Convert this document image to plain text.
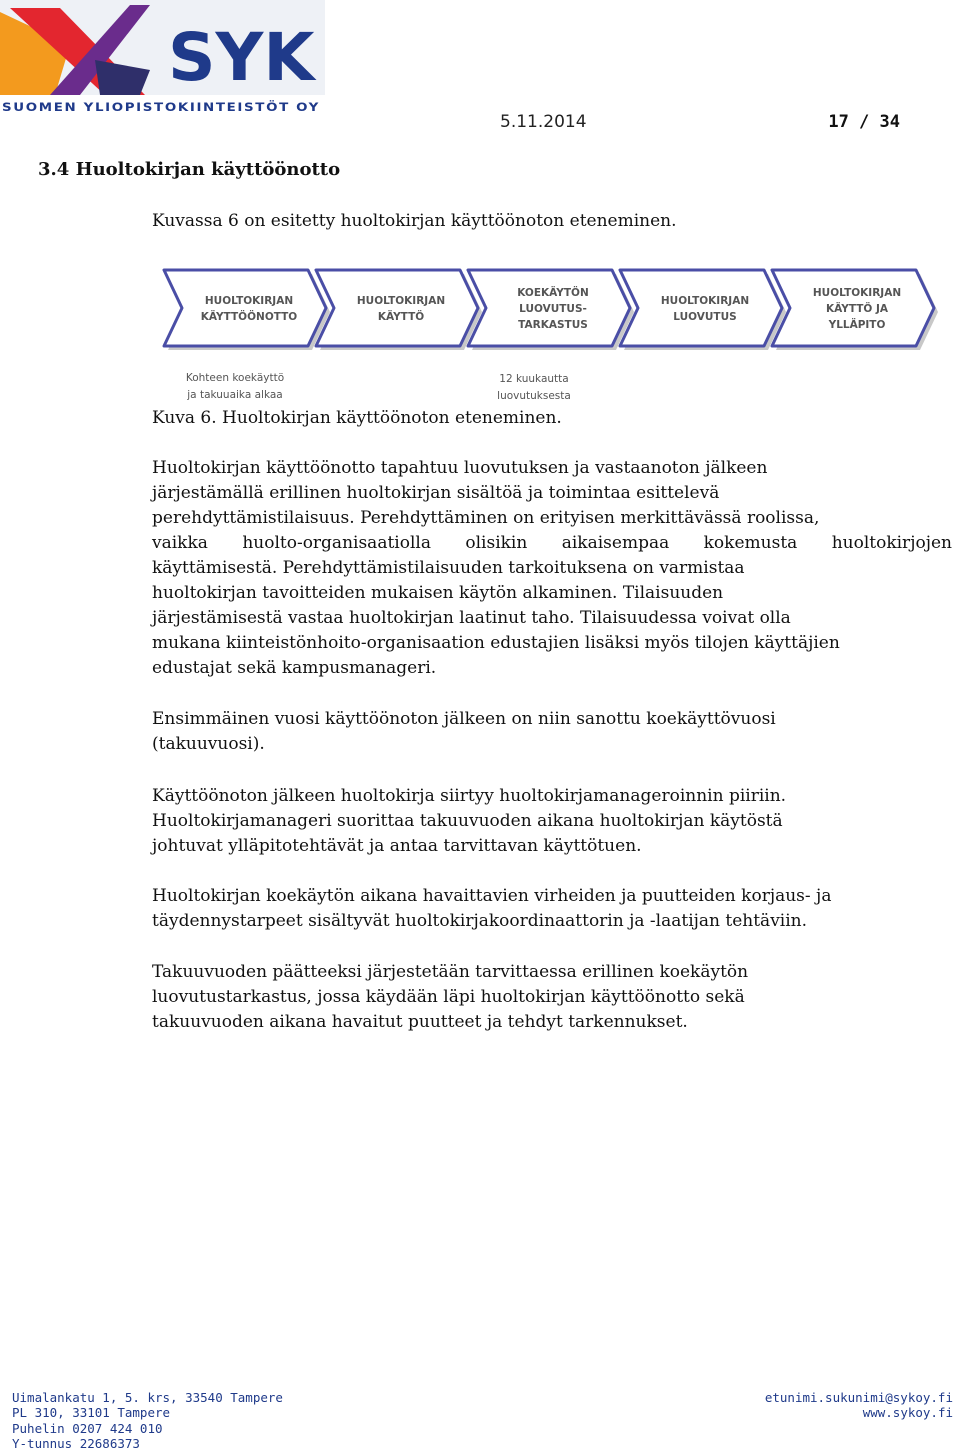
SYK
SUOMEN YLIOPISTOKIINTEISTÖT OY
5.11.2014	17 / 34
3.4 Huoltokirjan käyttöönotto
Kuvassa 6 on esitetty huoltokirjan käyttöönoton eteneminen.
HUOLTOKIRJAN
KÄYTTÖÖNOTTO
HUOLTOKIRJAN
KÄYTTÖ
KOEKÄYTÖN
LUOVUTUS-
TARKASTUS
HUOLTOKIRJAN
LUOVUTUS
HUOLTOKIRJAN
KÄYTTÖ JA
YLLÄPITO
Kohteen koekäyttö
ja takuuaika alkaa
12 kuukautta
luovutuksesta
Kuva 6. Huoltokirjan käyttöönoton eteneminen.
Huoltokirjan käyttöönotto tapahtuu luovutuksen ja vastaanoton jälkeen
järjestämällä erillinen huoltokirjan sisältöä ja toimintaa esittelevä
perehdyttämistilaisuus. Perehdyttäminen on erityisen merkittävässä roolissa,
vaikka huolto-organisaatiolla olisikin aikaisempaa kokemusta huoltokirjojen
käyttämisestä. Perehdyttämistilaisuuden tarkoituksena on varmistaa
huoltokirjan tavoitteiden mukaisen käytön alkaminen. Tilaisuuden
järjestämisestä vastaa huoltokirjan laatinut taho. Tilaisuudessa voivat olla
mukana kiinteistönhoito-organisaation edustajien lisäksi myös tilojen käyttäjien
edustajat sekä kampusmanageri.
Ensimmäinen vuosi käyttöönoton jälkeen on niin sanottu koekäyttövuosi
(takuuvuosi).
Käyttöönoton jälkeen huoltokirja siirtyy huoltokirjamanageroinnin piiriin.
Huoltokirjamanageri suorittaa takuuvuoden aikana huoltokirjan käytöstä
johtuvat ylläpitotehtävät ja antaa tarvittavan käyttötuen.
Huoltokirjan koekäytön aikana havaittavien virheiden ja puutteiden korjaus- ja
täydennystarpeet sisältyvät huoltokirjakoordinaattorin ja -laatijan tehtäviin.
Takuuvuoden päätteeksi järjestetään tarvittaessa erillinen koekäytön
luovutustarkastus, jossa käydään läpi huoltokirjan käyttöönotto sekä
takuuvuoden aikana havaitut puutteet ja tehdyt tarkennukset.
Uimalankatu 1, 5. krs, 33540 Tampere
PL 310, 33101 Tampere
Puhelin 0207 424 010
Y-tunnus 22686373
etunimi.sukunimi@sykoy.fi
www.sykoy.fi
